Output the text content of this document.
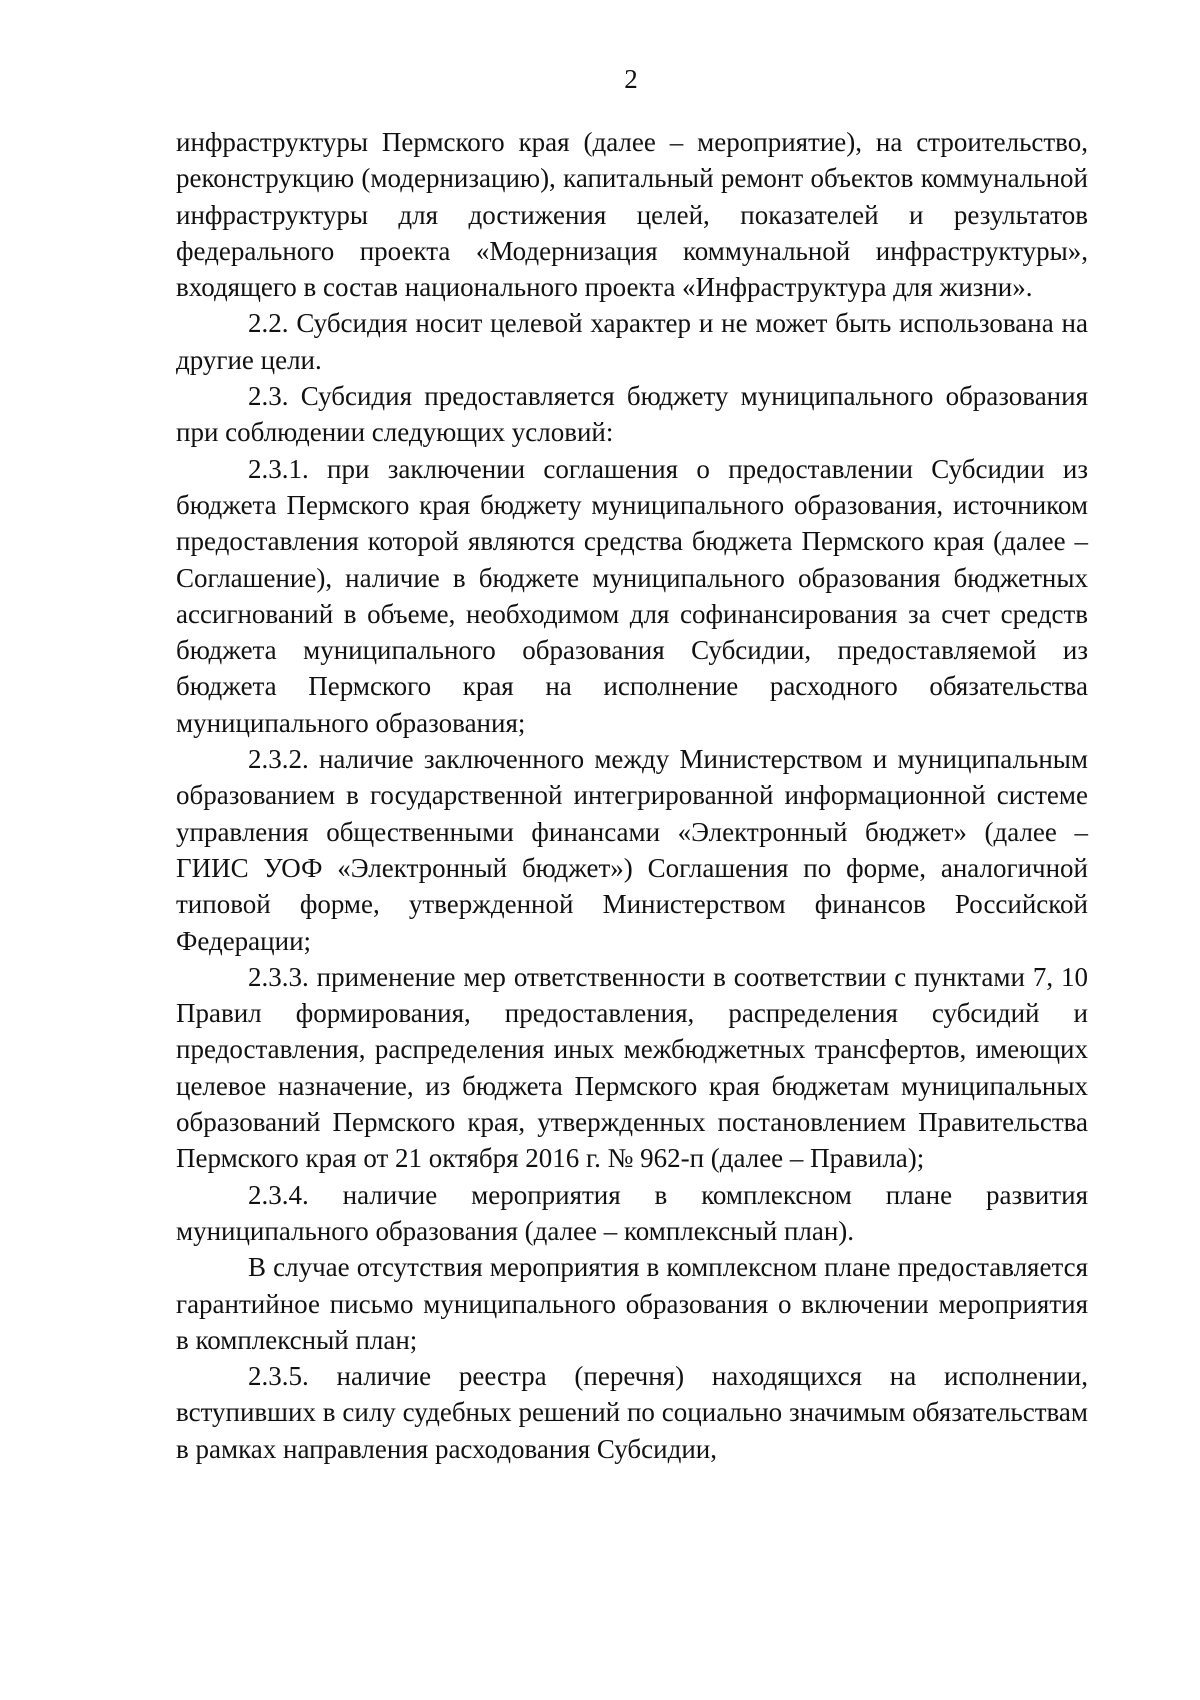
2

инфраструктуры Пермского края (далее – мероприятие), на строительство, реконструкцию (модернизацию), капитальный ремонт объектов коммунальной инфраструктуры для достижения целей, показателей и результатов федерального проекта «Модернизация коммунальной инфраструктуры», входящего в состав национального проекта «Инфраструктура для жизни».

2.2. Субсидия носит целевой характер и не может быть использована на другие цели.

2.3. Субсидия предоставляется бюджету муниципального образования при соблюдении следующих условий:

2.3.1. при заключении соглашения о предоставлении Субсидии из бюджета Пермского края бюджету муниципального образования, источником предоставления которой являются средства бюджета Пермского края (далее – Соглашение), наличие в бюджете муниципального образования бюджетных ассигнований в объеме, необходимом для софинансирования за счет средств бюджета муниципального образования Субсидии, предоставляемой из бюджета Пермского края на исполнение расходного обязательства муниципального образования;

2.3.2. наличие заключенного между Министерством и муниципальным образованием в государственной интегрированной информационной системе управления общественными финансами «Электронный бюджет» (далее – ГИИС УОФ «Электронный бюджет») Соглашения по форме, аналогичной типовой форме, утвержденной Министерством финансов Российской Федерации;

2.3.3. применение мер ответственности в соответствии с пунктами 7, 10 Правил формирования, предоставления, распределения субсидий и предоставления, распределения иных межбюджетных трансфертов, имеющих целевое назначение, из бюджета Пермского края бюджетам муниципальных образований Пермского края, утвержденных постановлением Правительства Пермского края от 21 октября 2016 г. № 962-п (далее – Правила);

2.3.4. наличие мероприятия в комплексном плане развития муниципального образования (далее – комплексный план).

В случае отсутствия мероприятия в комплексном плане предоставляется гарантийное письмо муниципального образования о включении мероприятия в комплексный план;

2.3.5. наличие реестра (перечня) находящихся на исполнении, вступивших в силу судебных решений по социально значимым обязательствам в рамках направления расходования Субсидии,
